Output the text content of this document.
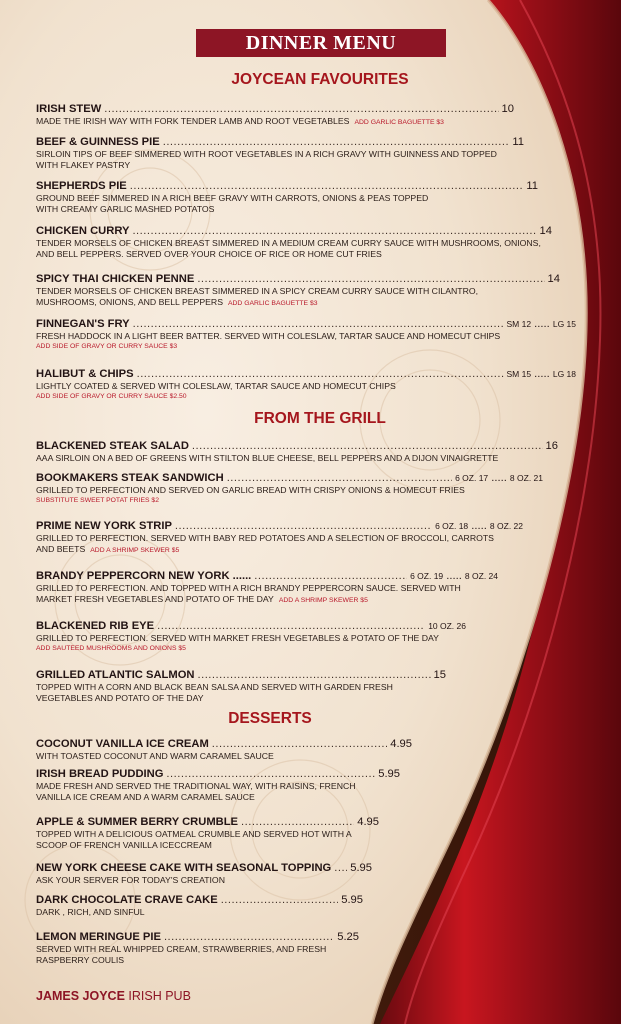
DINNER MENU
JOYCEAN FAVOURITES
IRISH STEW .....	10
MADE THE IRISH WAY WITH FORK TENDER LAMB AND ROOT VEGETABLES ADD GARLIC BAGUETTE $3
BEEF & GUINNESS PIE .....	11
SIRLOIN TIPS OF BEEF SIMMERED WITH ROOT VEGETABLES IN A RICH GRAVY WITH GUINNESS AND TOPPED WITH FLAKEY PASTRY
SHEPHERDS PIE .....	11
GROUND BEEF SIMMERED IN A RICH BEEF GRAVY WITH CARROTS, ONIONS & PEAS TOPPED WITH CREAMY GARLIC MASHED POTATOS
CHICKEN CURRY .....	14
TENDER MORSELS OF CHICKEN BREAST SIMMERED IN A MEDIUM CREAM CURRY SAUCE WITH MUSHROOMS, ONIONS, AND BELL PEPPERS. SERVED OVER YOUR CHOICE OF RICE OR HOME CUT FRIES
SPICY THAI CHICKEN PENNE .....	14
TENDER MORSELS OF CHICKEN BREAST SIMMERED IN A SPICY CREAM CURRY SAUCE WITH CILANTRO, MUSHROOMS, ONIONS, AND BELL PEPPERS ADD GARLIC BAGUETTE $3
FINNEGAN'S FRY .....	SM 12 ..... LG 15
FRESH HADDOCK IN A LIGHT BEER BATTER. SERVED WITH COLESLAW, TARTAR SAUCE AND HOMECUT CHIPS
ADD SIDE OF GRAVY OR CURRY SAUCE $3
HALIBUT & CHIPS .....	SM 15 ..... LG 18
LIGHTLY COATED & SERVED WITH COLESLAW, TARTAR SAUCE AND HOMECUT CHIPS
ADD SIDE OF GRAVY OR CURRY SAUCE $2.50
FROM THE GRILL
BLACKENED STEAK SALAD .....	16
AAA SIRLOIN ON A BED OF GREENS WITH STILTON BLUE CHEESE, BELL PEPPERS AND A DIJON VINAIGRETTE
BOOKMAKERS STEAK SANDWICH .....	6 OZ. 17 ..... 8 OZ. 21
GRILLED TO PERFECTION AND SERVED ON GARLIC BREAD WITH CRISPY ONIONS & HOMECUT FRIES
SUBSTITUTE SWEET POTAT FRIES $2
PRIME NEW YORK STRIP .....	6 OZ. 18 ..... 8 OZ. 22
GRILLED TO PERFECTION. SERVED WITH BABY RED POTATOES AND A SELECTION OF BROCCOLI, CARROTS AND BEETS ADD A SHRIMP SKEWER $5
BRANDY PEPPERCORN NEW YORK ...... .....	6 OZ. 19 ..... 8 OZ. 24
GRILLED TO PERFECTION. AND TOPPED WITH A RICH BRANDY PEPPERCORN SAUCE. SERVED WITH MARKET FRESH VEGETABLES AND POTATO OF THE DAY ADD A SHRIMP SKEWER $5
BLACKENED RIB EYE .....	10 OZ. 26
GRILLED TO PERFECTION. SERVED WITH MARKET FRESH VEGETABLES & POTATO OF THE DAY
ADD SAUTEED MUSHROOMS AND ONIONS $5
GRILLED ATLANTIC SALMON .....	15
TOPPED WITH A CORN AND BLACK BEAN SALSA AND SERVED WITH GARDEN FRESH VEGETABLES AND POTATO OF THE DAY
DESSERTS
COCONUT VANILLA ICE CREAM .....	4.95
WITH TOASTED COCONUT AND WARM CARAMEL SAUCE
IRISH BREAD PUDDING .....	5.95
MADE FRESH AND SERVED THE TRADITIONAL WAY, WITH RAISINS, FRENCH VANILLA ICE CREAM AND A WARM CARAMEL SAUCE
APPLE & SUMMER BERRY CRUMBLE .....	4.95
TOPPED WITH A DELICIOUS OATMEAL CRUMBLE AND SERVED HOT WITH A SCOOP OF FRENCH VANILLA ICECCREAM
NEW YORK CHEESE CAKE WITH SEASONAL TOPPING ..... 5.95
ASK YOUR SERVER FOR TODAY'S CREATION
DARK CHOCOLATE CRAVE CAKE .....	5.95
DARK , RICH, AND SINFUL
LEMON MERINGUE PIE .....	5.25
SERVED WITH REAL WHIPPED CREAM, STRAWBERRIES, AND FRESH RASPBERRY COULIS
JAMES JOYCE IRISH PUB
